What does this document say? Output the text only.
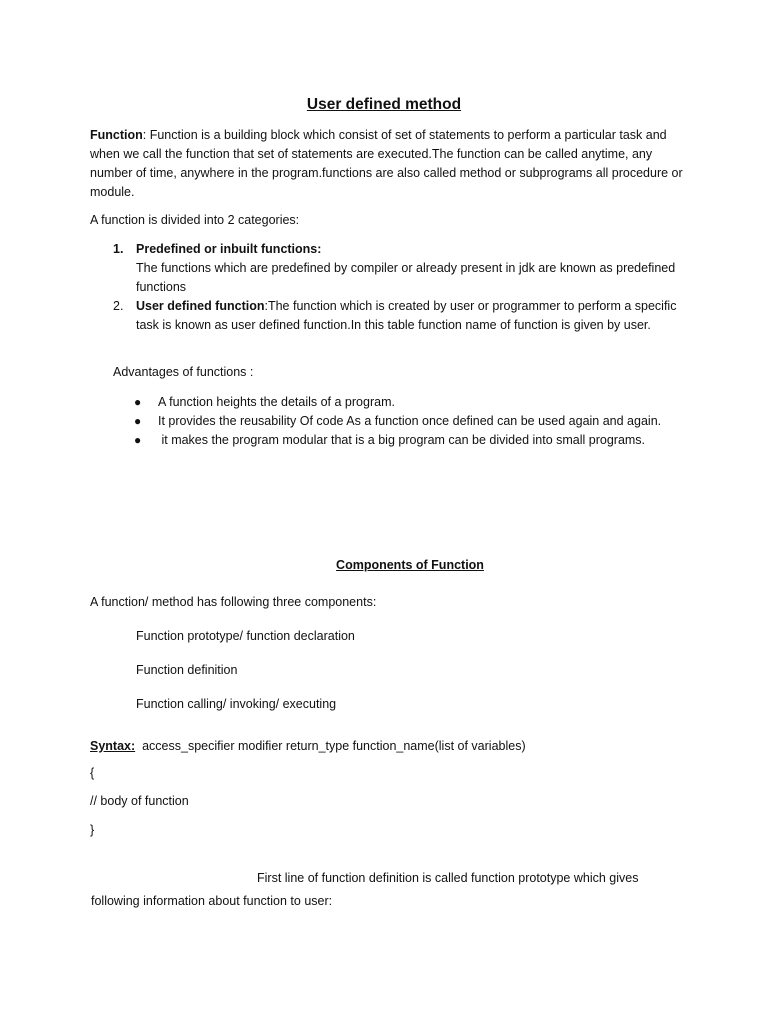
User defined method
Function: Function is a building block which consist of set of statements to perform a particular task and when we call the function that set of statements are executed.The function can be called anytime, any number of time, anywhere in the program.functions are also called method or subprograms all procedure or module.
A function is divided into 2 categories:
1.	Predefined or inbuilt functions:
The functions which are predefined by compiler or already present in jdk are known as predefined functions
2.	User defined function:The function which is created by user or programmer to perform a specific task is known as user defined function.In this table function name of function is given by user.
Advantages of functions :
● A function heights the details of a program.
● It provides the reusability Of code As a function once defined can be used again and again.
● it makes the program modular that is a big program can be divided into small programs.
Components of Function
A function/ method has following three components:
Function prototype/ function declaration
Function definition
Function calling/ invoking/ executing
Syntax: access_specifier modifier return_type function_name(list of variables)
{
// body of function
}
First line of function definition is called function prototype which gives
following information about function to user:
